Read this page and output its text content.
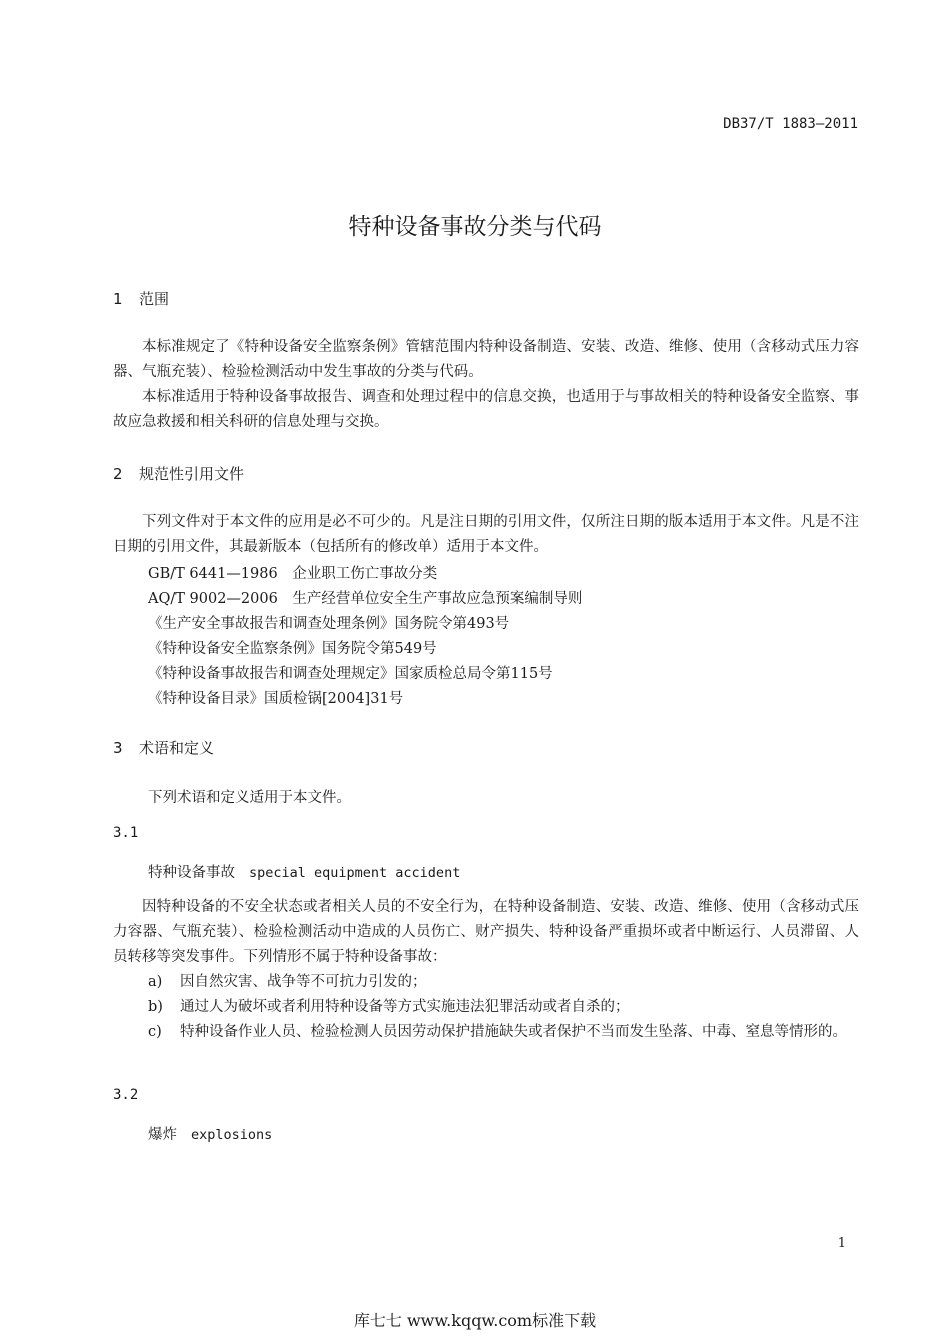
DB37/T 1883—2011
特种设备事故分类与代码
1 范围
本标准规定了《特种设备安全监察条例》管辖范围内特种设备制造、安装、改造、维修、使用（含移动式压力容器、气瓶充装）、检验检测活动中发生事故的分类与代码。
本标准适用于特种设备事故报告、调查和处理过程中的信息交换，也适用于与事故相关的特种设备安全监察、事故应急救援和相关科研的信息处理与交换。
2 规范性引用文件
下列文件对于本文件的应用是必不可少的。凡是注日期的引用文件，仅所注日期的版本适用于本文件。凡是不注日期的引用文件，其最新版本（包括所有的修改单）适用于本文件。
GB/T 6441—1986　企业职工伤亡事故分类
AQ/T 9002—2006　生产经营单位安全生产事故应急预案编制导则
《生产安全事故报告和调查处理条例》国务院令第493号
《特种设备安全监察条例》国务院令第549号
《特种设备事故报告和调查处理规定》国家质检总局令第115号
《特种设备目录》国质检锅[2004]31号
3 术语和定义
下列术语和定义适用于本文件。
3.1
特种设备事故 special equipment accident
因特种设备的不安全状态或者相关人员的不安全行为，在特种设备制造、安装、改造、维修、使用（含移动式压力容器、气瓶充装）、检验检测活动中造成的人员伤亡、财产损失、特种设备严重损坏或者中断运行、人员滞留、人员转移等突发事件。下列情形不属于特种设备事故：
a) 因自然灾害、战争等不可抗力引发的；
b) 通过人为破坏或者利用特种设备等方式实施违法犯罪活动或者自杀的；
c) 特种设备作业人员、检验检测人员因劳动保护措施缺失或者保护不当而发生坠落、中毒、窒息等情形的。
3.2
爆炸 explosions
1
库七七 www.kqqw.com标准下载
